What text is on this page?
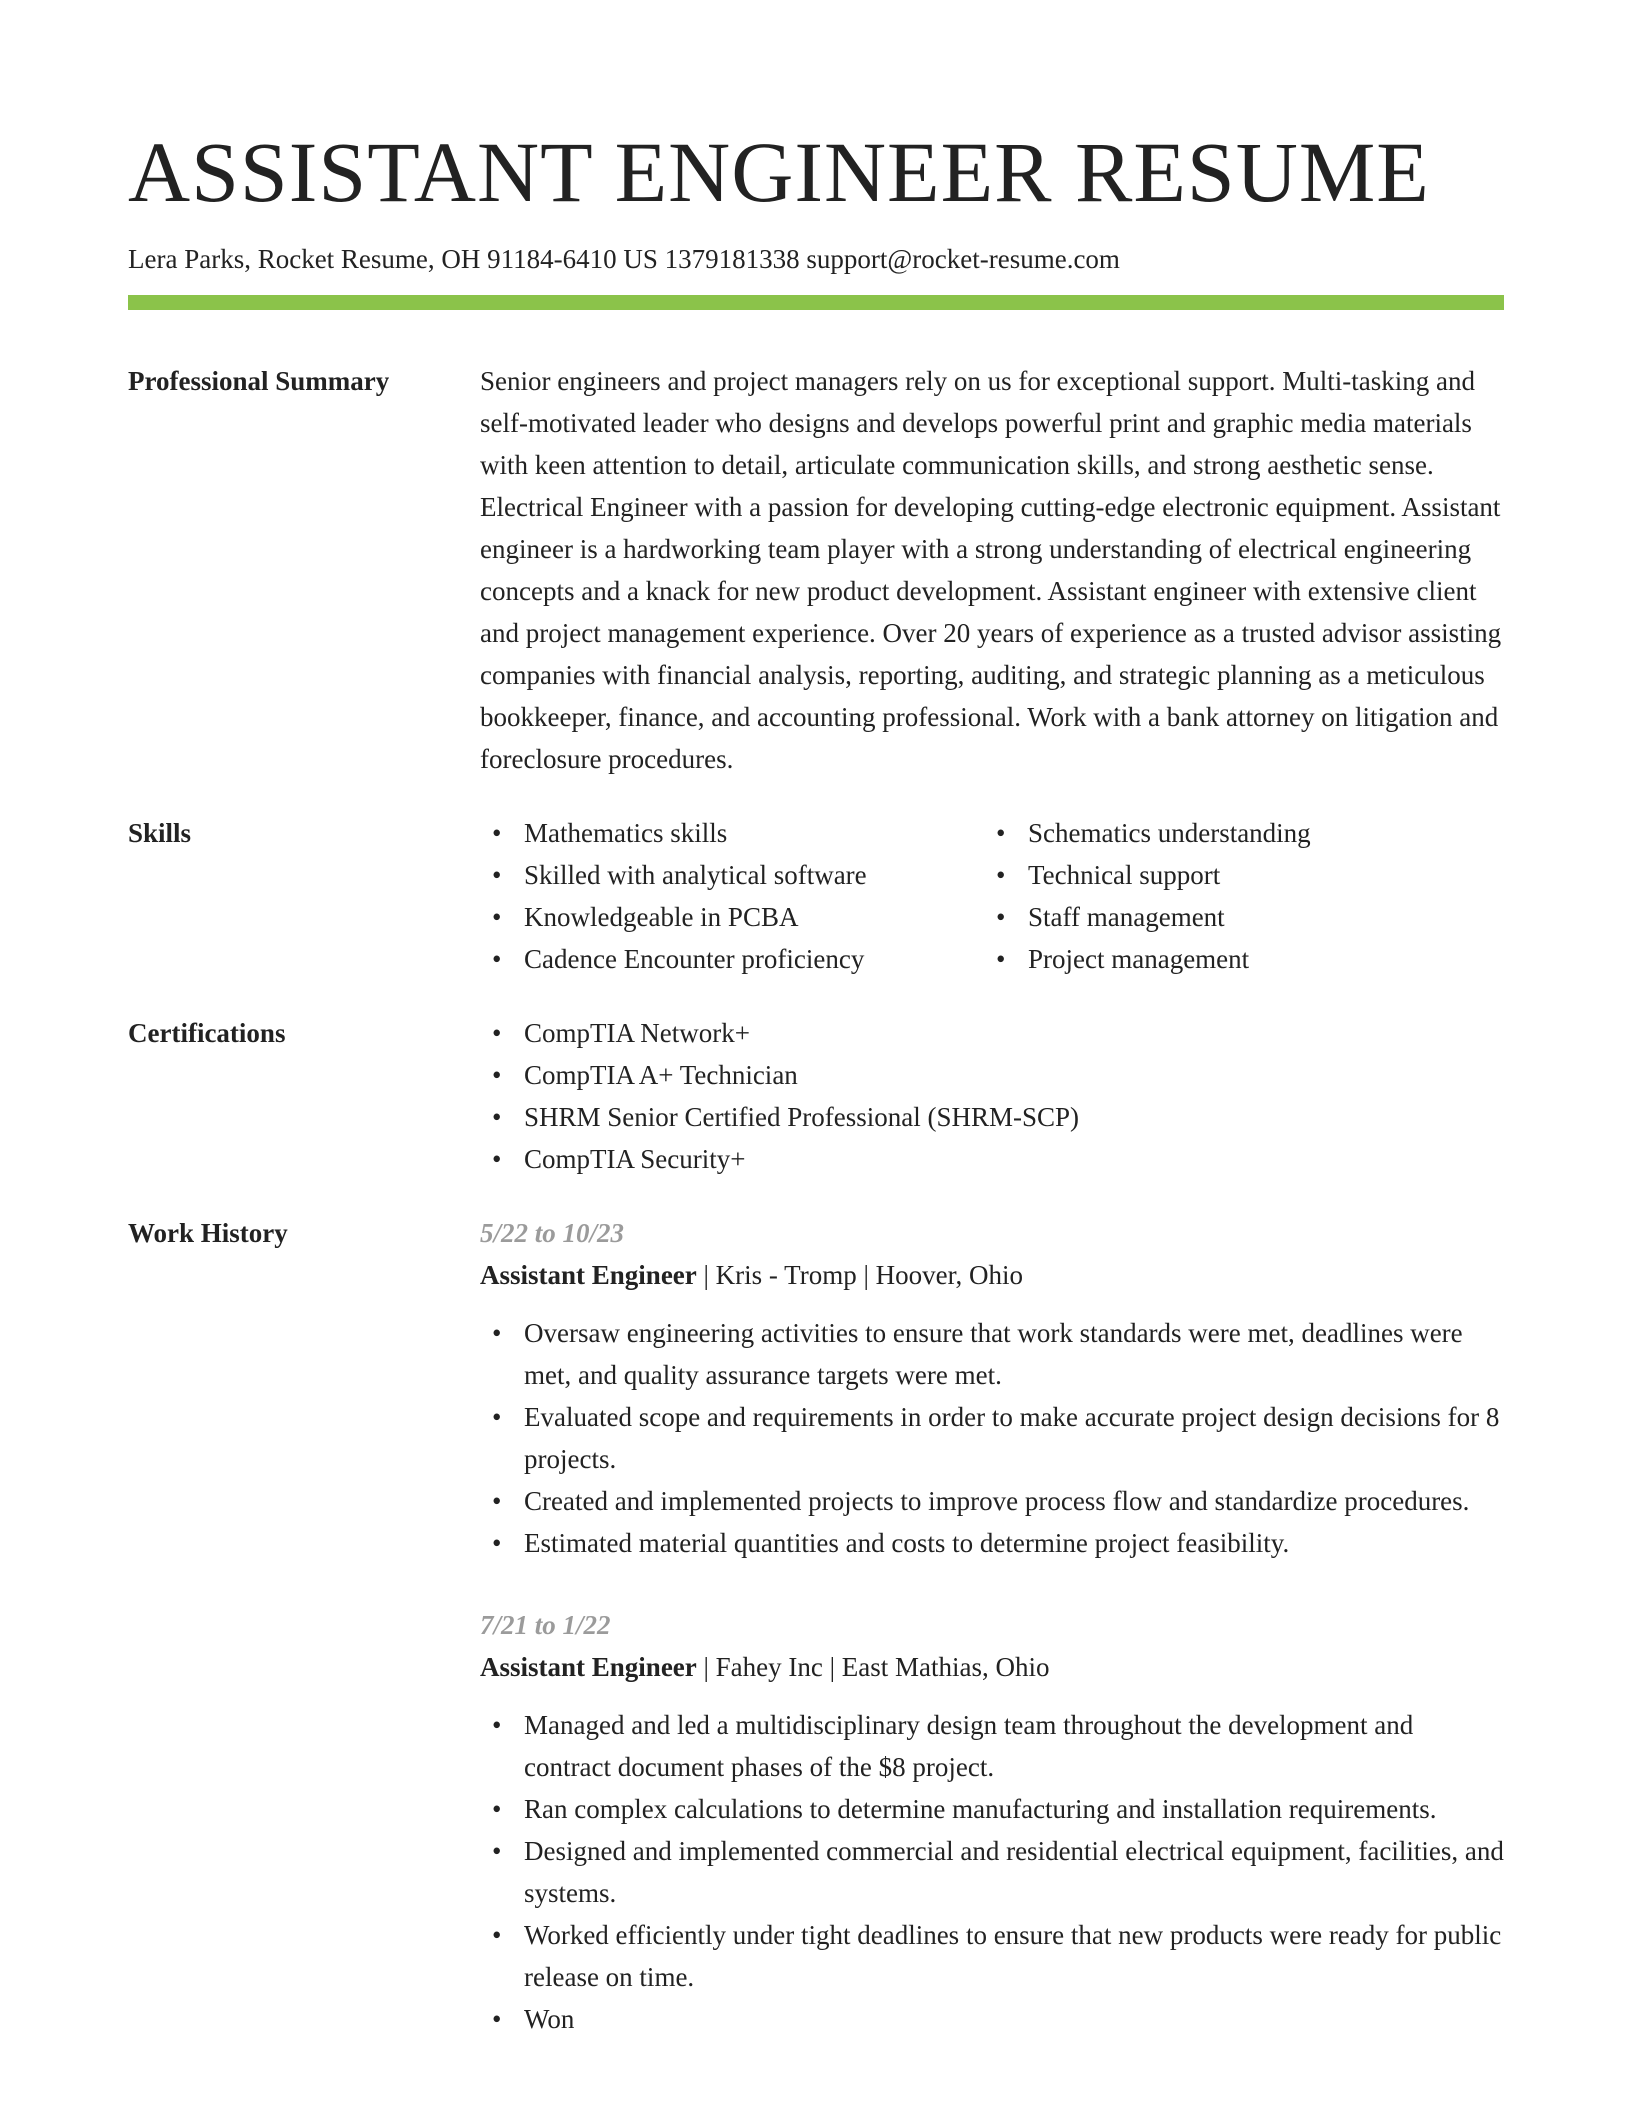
ASSISTANT ENGINEER RESUME
Lera Parks, Rocket Resume, OH 91184-6410 US 1379181338 support@rocket-resume.com
Professional Summary	Senior engineers and project managers rely on us for exceptional support. Multi-tasking and self-motivated leader who designs and develops powerful print and graphic media materials with keen attention to detail, articulate communication skills, and strong aesthetic sense. Electrical Engineer with a passion for developing cutting-edge electronic equipment. Assistant engineer is a hardworking team player with a strong understanding of electrical engineering concepts and a knack for new product development. Assistant engineer with extensive client and project management experience. Over 20 years of experience as a trusted advisor assisting companies with financial analysis, reporting, auditing, and strategic planning as a meticulous bookkeeper, finance, and accounting professional. Work with a bank attorney on litigation and foreclosure procedures.
Skills	• Mathematics skills
• Skilled with analytical software
• Knowledgeable in PCBA
• Cadence Encounter proficiency
• Schematics understanding
• Technical support
• Staff management
• Project management
Certifications	• CompTIA Network+
• CompTIA A+ Technician
• SHRM Senior Certified Professional (SHRM-SCP)
• CompTIA Security+
Work History	5/22 to 10/23
Assistant Engineer | Kris - Tromp | Hoover, Ohio
• Oversaw engineering activities to ensure that work standards were met, deadlines were met, and quality assurance targets were met.
• Evaluated scope and requirements in order to make accurate project design decisions for 8 projects.
• Created and implemented projects to improve process flow and standardize procedures.
• Estimated material quantities and costs to determine project feasibility.
7/21 to 1/22
Assistant Engineer | Fahey Inc | East Mathias, Ohio
• Managed and led a multidisciplinary design team throughout the development and contract document phases of the $8 project.
• Ran complex calculations to determine manufacturing and installation requirements.
• Designed and implemented commercial and residential electrical equipment, facilities, and systems.
• Worked efficiently under tight deadlines to ensure that new products were ready for public release on time.
• Won
